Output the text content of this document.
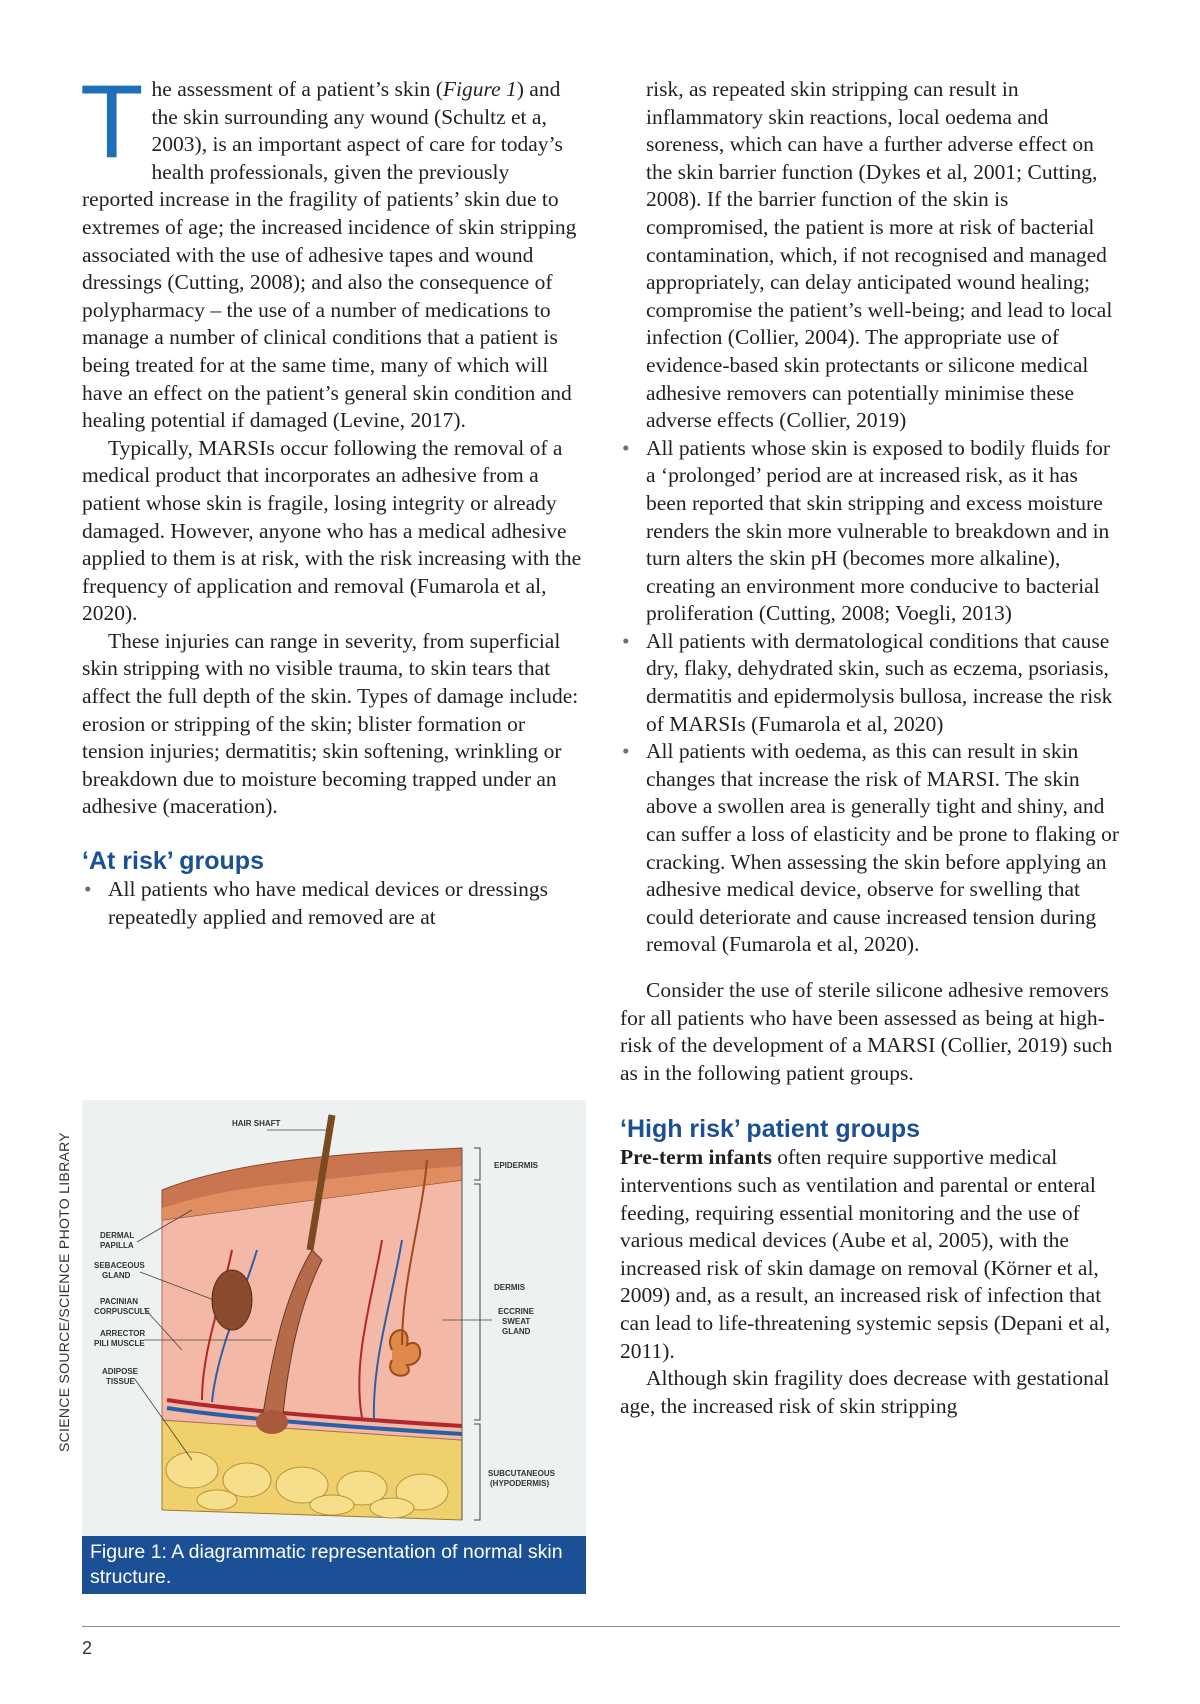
The assessment of a patient’s skin (Figure 1) and the skin surrounding any wound (Schultz et a, 2003), is an important aspect of care for today’s health professionals, given the previously reported increase in the fragility of patients’ skin due to extremes of age; the increased incidence of skin stripping associated with the use of adhesive tapes and wound dressings (Cutting, 2008); and also the consequence of polypharmacy – the use of a number of medications to manage a number of clinical conditions that a patient is being treated for at the same time, many of which will have an effect on the patient’s general skin condition and healing potential if damaged (Levine, 2017).

Typically, MARSIs occur following the removal of a medical product that incorporates an adhesive from a patient whose skin is fragile, losing integrity or already damaged. However, anyone who has a medical adhesive applied to them is at risk, with the risk increasing with the frequency of application and removal (Fumarola et al, 2020).

These injuries can range in severity, from superficial skin stripping with no visible trauma, to skin tears that affect the full depth of the skin. Types of damage include: erosion or stripping of the skin; blister formation or tension injuries; dermatitis; skin softening, wrinkling or breakdown due to moisture becoming trapped under an adhesive (maceration).

‘At risk’ groups
• All patients who have medical devices or dressings repeatedly applied and removed are at
SCIENCE SOURCE/SCIENCE PHOTO LIBRARY
HAIR SHAFT
DERMAL
PAPILLA
SEBACEOUS
GLAND
PACINIAN
CORPUSCULE
ARRECTOR
PILI MUSCLE
ADIPOSE
TISSUE
EPIDERMIS
DERMIS
ECCRINE
SWEAT
GLAND
SUBCUTANEOUS
(HYPODERMIS)
Figure 1: A diagrammatic representation of normal skin structure.
risk, as repeated skin stripping can result in inflammatory skin reactions, local oedema and soreness, which can have a further adverse effect on the skin barrier function (Dykes et al, 2001; Cutting, 2008). If the barrier function of the skin is compromised, the patient is more at risk of bacterial contamination, which, if not recognised and managed appropriately, can delay anticipated wound healing; compromise the patient’s well-being; and lead to local infection (Collier, 2004). The appropriate use of evidence-based skin protectants or silicone medical adhesive removers can potentially minimise these adverse effects (Collier, 2019)
• All patients whose skin is exposed to bodily fluids for a ‘prolonged’ period are at increased risk, as it has been reported that skin stripping and excess moisture renders the skin more vulnerable to breakdown and in turn alters the skin pH (becomes more alkaline), creating an environment more conducive to bacterial proliferation (Cutting, 2008; Voegli, 2013)
• All patients with dermatological conditions that cause dry, flaky, dehydrated skin, such as eczema, psoriasis, dermatitis and epidermolysis bullosa, increase the risk of MARSIs (Fumarola et al, 2020)
• All patients with oedema, as this can result in skin changes that increase the risk of MARSI. The skin above a swollen area is generally tight and shiny, and can suffer a loss of elasticity and be prone to flaking or cracking. When assessing the skin before applying an adhesive medical device, observe for swelling that could deteriorate and cause increased tension during removal (Fumarola et al, 2020).

Consider the use of sterile silicone adhesive removers for all patients who have been assessed as being at high-risk of the development of a MARSI (Collier, 2019) such as in the following patient groups.

‘High risk’ patient groups

Pre-term infants often require supportive medical interventions such as ventilation and parental or enteral feeding, requiring essential monitoring and the use of various medical devices (Aube et al, 2005), with the increased risk of skin damage on removal (Körner et al, 2009) and, as a result, an increased risk of infection that can lead to life-threatening systemic sepsis (Depani et al, 2011).

Although skin fragility does decrease with gestational age, the increased risk of skin stripping

2
